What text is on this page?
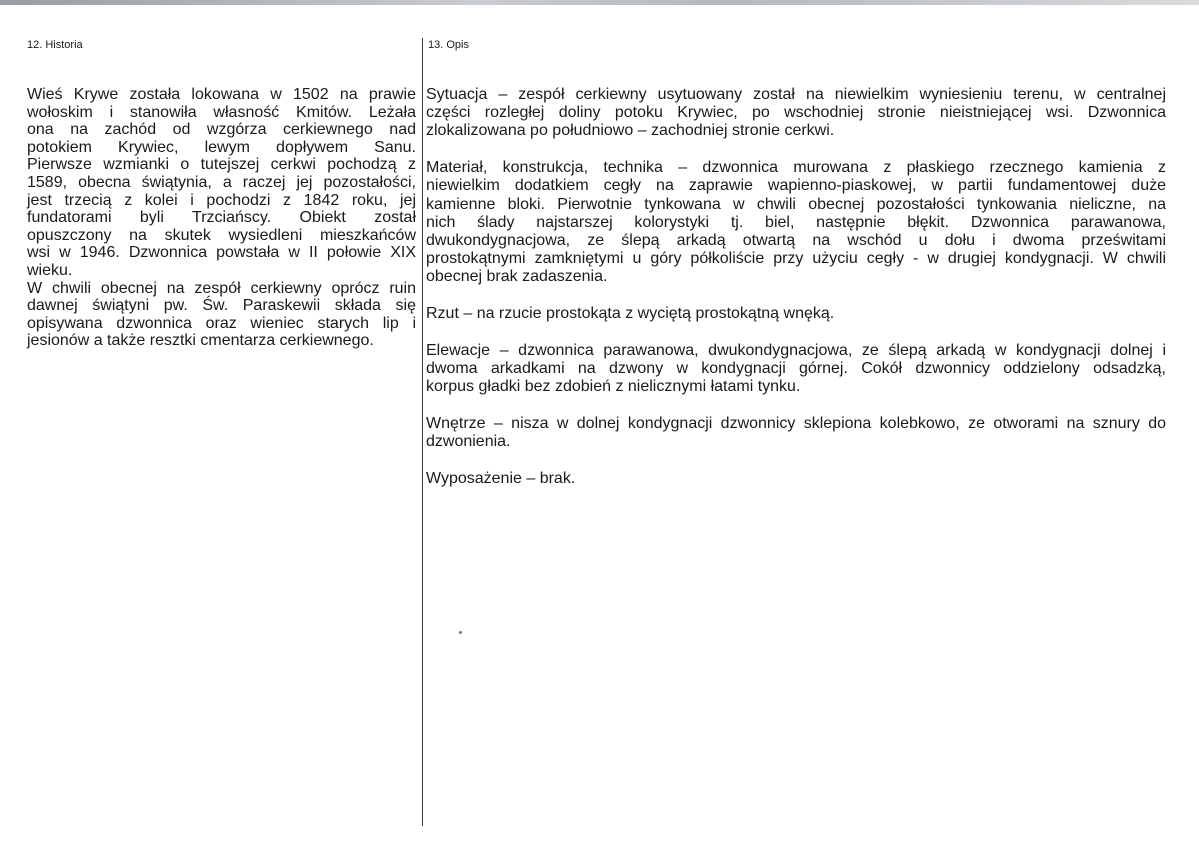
12. Historia	13. Opis
Wieś Krywe została lokowana w 1502 na prawie
wołoskim i stanowiła własność Kmitów. Leżała
ona na zachód od wzgórza cerkiewnego nad
potokiem Krywiec, lewym dopływem Sanu.
Pierwsze wzmianki o tutejszej cerkwi pochodzą z
1589, obecna świątynia, a raczej jej pozostałości,
jest trzecią z kolei i pochodzi z 1842 roku, jej
fundatorami byli Trzciańscy. Obiekt został
opuszczony na skutek wysiedleni mieszkańców
wsi w 1946. Dzwonnica powstała w II połowie XIX
wieku.
W chwili obecnej na zespół cerkiewny oprócz ruin
dawnej świątyni pw. Św. Paraskewii składa się
opisywana dzwonnica oraz wieniec starych lip i
jesionów a także resztki cmentarza cerkiewnego.
Sytuacja – zespół cerkiewny usytuowany został na niewielkim wyniesieniu terenu, w centralnej
części rozległej doliny potoku Krywiec, po wschodniej stronie nieistniejącej wsi. Dzwonnica
zlokalizowana po południowo – zachodniej stronie cerkwi.
Materiał, konstrukcja, technika – dzwonnica murowana z płaskiego rzecznego kamienia z
niewielkim dodatkiem cegły na zaprawie wapienno-piaskowej, w partii fundamentowej duże
kamienne bloki. Pierwotnie tynkowana w chwili obecnej pozostałości tynkowania nieliczne, na
nich ślady najstarszej kolorystyki tj. biel, następnie błękit. Dzwonnica parawanowa,
dwukondygnacjowa, ze ślepą arkadą otwartą na wschód u dołu i dwoma prześwitami
prostokątnymi zamkniętymi u góry półkoliście przy użyciu cegły - w drugiej kondygnacji. W chwili
obecnej brak zadaszenia.
Rzut – na rzucie prostokąta z wyciętą prostokątną wnęką.
Elewacje – dzwonnica parawanowa, dwukondygnacjowa, ze ślepą arkadą w kondygnacji dolnej i
dwoma arkadkami na dzwony w kondygnacji górnej. Cokół dzwonnicy oddzielony odsadzką,
korpus gładki bez zdobień z nielicznymi łatami tynku.
Wnętrze – nisza w dolnej kondygnacji dzwonnicy sklepiona kolebkowo, ze otworami na sznury do
dzwonienia.
Wyposażenie – brak.
